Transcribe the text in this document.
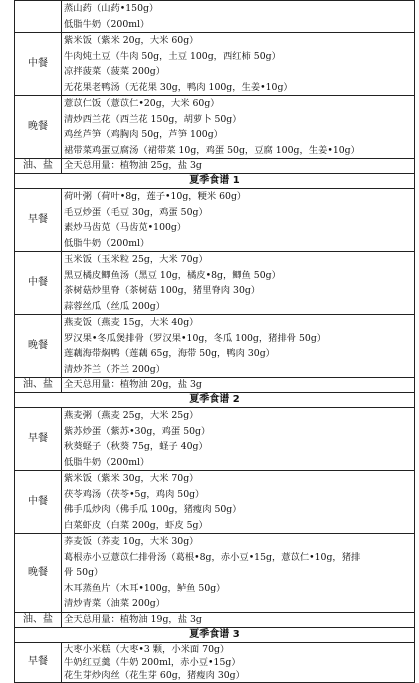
	蒸山药（山药•150g）
低脂牛奶（200ml）

中餐	紫米饭（紫米 20g，大米 60g）
牛肉炖土豆（牛肉 50g，土豆 100g，西红柿 50g）
凉拌菠菜（菠菜 200g）
无花果老鸭汤（无花果 30g，鸭肉 100g，生姜•10g）

晚餐	薏苡仁饭（薏苡仁•20g，大米 60g）
清炒西兰花（西兰花 150g，胡萝卜 50g）
鸡丝芦笋（鸡胸肉 50g，芦笋 100g）
裙带菜鸡蛋豆腐汤（裙带菜 10g，鸡蛋 50g，豆腐 100g，生姜•10g）

油、盐	全天总用量：植物油 25g，盐 3g
夏季食谱 1	
早餐	荷叶粥（荷叶•8g，莲子•10g，粳米 60g）
毛豆炒蛋（毛豆 30g，鸡蛋 50g）
素炒马齿苋（马齿苋•100g）
低脂牛奶（200ml）

中餐	玉米饭（玉米粒 25g，大米 70g）
黑豆橘皮鲫鱼汤（黑豆 10g，橘皮•8g，鲫鱼 50g）
茶树菇炒里脊（茶树菇 100g，猪里脊肉 30g）
蒜蓉丝瓜（丝瓜 200g）

晚餐	燕麦饭（燕麦 15g，大米 40g）
罗汉果•冬瓜煲排骨（罗汉果•10g，冬瓜 100g，猪排骨 50g）
莲藕海带焖鸭（莲藕 65g，海带 50g，鸭肉 30g）
清炒芥兰（芥兰 200g）

油、盐	全天总用量：植物油 20g，盐 3g
夏季食谱 2	
早餐	燕麦粥（燕麦 25g，大米 25g）
紫苏炒蛋（紫苏•30g，鸡蛋 50g）
秋葵蛏子（秋葵 75g，蛏子 40g）
低脂牛奶（200ml）

中餐	紫米饭（紫米 30g，大米 70g）
茯苓鸡汤（茯苓•5g，鸡肉 50g）
佛手瓜炒肉（佛手瓜 100g，猪瘦肉 50g）
白菜虾皮（白菜 200g，虾皮 5g）

晚餐	荞麦饭（荞麦 10g，大米 30g）
葛根赤小豆薏苡仁排骨汤（葛根•8g，赤小豆•15g，薏苡仁•10g，猪排
骨 50g）
木耳蒸鱼片（木耳•100g，鲈鱼 50g）
清炒青菜（油菜 200g）

油、盐	全天总用量：植物油 19g，盐 3g
夏季食谱 3	
早餐	大枣小米糕（大枣•3 颗，小米面 70g）
牛奶红豆羹（牛奶 200ml，赤小豆•15g）
花生芽炒肉丝（花生芽 60g，猪瘦肉 30g）
